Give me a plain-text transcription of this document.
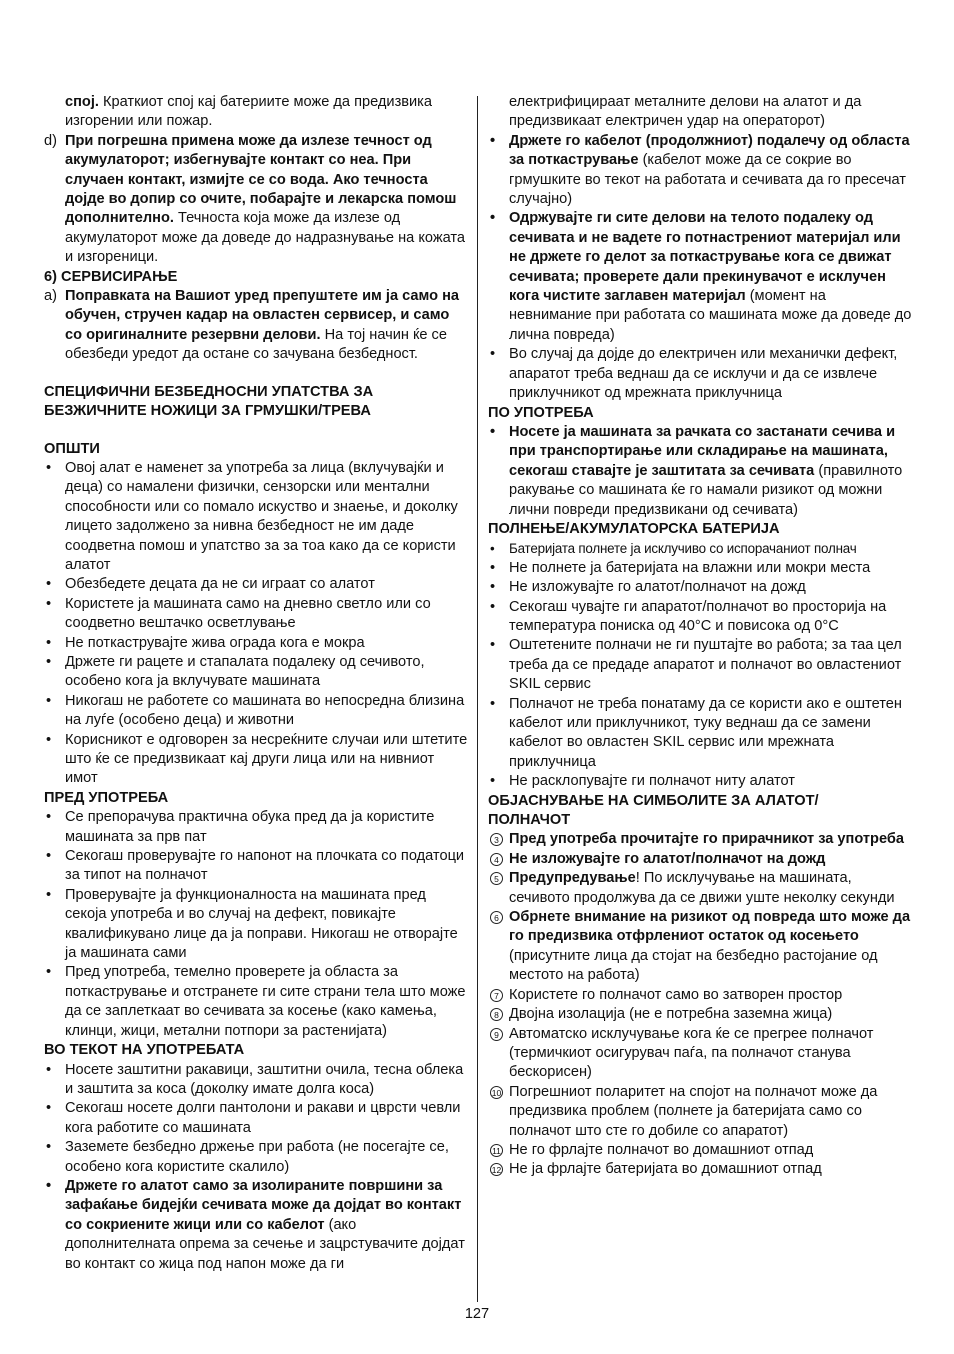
спој. Краткиот спој кај батериите може да предизвика изгорении или пожар.

d) При погрешна примена може да излезе течност од акумулаторот; избегнувајте контакт со неа. При случаен контакт, измијте се со вода. Ако течноста дојде во допир со очите, побарајте и лекарска помош дополнително. Течноста која може да излезе од акумулаторот може да доведе до надразнување на кожата и изгореници.

6) СЕРВИСИРАЊЕ

a) Поправката на Вашиот уред препуштете им ја само на обучен, стручен кадар на овластен сервисер, и само со оригиналните резервни делови. На тој начин ќе се обезбеди уредот да остане со зачувана безбедност.

СПЕЦИФИЧНИ БЕЗБЕДНОСНИ УПАТСТВА ЗА БЕЗЖИЧНИТЕ НОЖИЦИ ЗА ГРМУШКИ/ТРЕВА

ОПШТИ

• Овој алат е наменет за употреба за лица (вклучувајќи и деца) со намалени физички, сензорски или ментални способности или со помало искуство и знаење, и доколку лицето задолжено за нивна безбедност не им даде соодветна помош и упатство за за тоа како да се користи алатот

• Обезбедете децата да не си играат со алатот

• Користете ја машината само на дневно светло или со соодветно вештачко осветлување

• Не поткаструвајте жива ограда кога е мокра

• Држете ги рацете и стапалата подалеку од сечивото, особено кога ја вклучувате машината

• Никогаш не работете со машината во непосредна близина на луѓе (особено деца) и животни

• Корисникот е одговорен за несреќните случаи или штетите што ќе се предизвикаат кај други лица или на нивниот имот

ПРЕД УПОТРЕБА

• Се препорачува практична обука пред да ја користите машината за прв пат

• Секогаш проверувајте го напонот на плочката со податоци за типот на полначот

• Проверувајте ја функционалноста на машината пред секоја употреба и во случај на дефект, повикајте квалификувано лице да ја поправи. Никогаш не отворајте ја машината сами

• Пред употреба, темелно проверете ја областа за поткастрување и отстранете ги сите страни тела што може да се заплеткаат во сечивата за косење (како камења, клинци, жици, метални потпори за растенијата)

ВО ТЕКОТ НА УПОТРЕБАТА

• Носете заштитни ракавици, заштитни очила, тесна облека и заштита за коса (доколку имате долга коса)

• Секогаш носете долги пантолони и ракави и цврсти чевли кога работите со машината

• Заземете безбедно држење при работа (не посегајте се, особено кога користите скалило)

• Држете го алатот само за изолираните површини за зафаќање бидејќи сечивата може да дојдат во контакт со сокриените жици или со кабелот (ако дополнителната опрема за сечење и зацрстувачите дојдат во контакт со жица под напон може да ги

електрифицираат металните делови на алатот и да предизвикаат електричен удар на операторот)

• Држете го кабелот (продолжниот) подалечу од областа за поткастрување (кабелот може да се сокрие во грмушките во текот на работата и сечивата да го пресечат случајно)

• Одржувајте ги сите делови на телото подалеку од сечивата и не вадете го потнастрениот материјал или не држете го делот за поткастрување кога се движат сечивата; проверете дали прекинувачот е исклучен кога чистите заглавен материјал (момент на невнимание при работата со машината може да доведе до лична повреда)

• Во случај да дојде до електричен или механички дефект, апаратот треба веднаш да се исклучи и да се извлече приклучникот од мрежната приклучница

ПО УПОТРЕБА

• Носете ја машината за рачката со застанати сечива и при транспортирање или складирање на машината, секогаш ставајте је заштитата за сечивата (правилното ракување со машината ќе го намали ризикот од можни лични повреди предизвикани од сечивата)

ПОЛНЕЊЕ/АКУМУЛАТОРСКА БАТЕРИЈА

• Батеријата полнете ја исклучиво со испорачаниот полнач

• Не полнете ја батеријата на влажни или мокри места

• Не изложувајте го алатот/полначот на дожд

• Секогаш чувајте ги апаратот/полначот во просторија на температура пониска од 40°C и повисока од 0°C

• Оштетените полначи не ги пуштајте во работа; за таа цел треба да се предаде апаратот и полначот во овластениот SKIL сервис

• Полначот не треба понатаму да се користи ако е оштетен кабелот или приклучникот, туку веднаш да се замени кабелот во овластен SKIL сервис или мрежната приклучница

• Не расклопувајте ги полначот ниту алатот

ОБЈАСНУВАЊЕ НА СИМБОЛИТЕ ЗА АЛАТОТ/ ПОЛНАЧОТ

3 Пред употреба прочитајте го прирачникот за употреба

4 Не изложувајте го алатот/полначот на дожд

5 Предупредување! По исклучување на машината, сечивото продолжува да се движи уште неколку секунди

6 Обрнете внимание на ризикот од повреда што може да го предизвика отфрлениот остаток од косењето (присутните лица да стојат на безбедно растојание од местото на работа)

7 Користете го полначот само во затворен простор

8 Двојна изолација (не е потребна заземна жица)

9 Автоматско исклучување кога ќе се прегрее полначот (термичкиот осигурувач паѓа, па полначот станува бескорисен)

10 Погрешниот поларитет на спојот на полначот може да предизвика проблем (полнете ја батеријата само со полначот што сте го добиле со апаратот)

11 Не го фрлајте полначот во домашниот отпад

12 Не ја фрлајте батеријата во домашниот отпад

127
